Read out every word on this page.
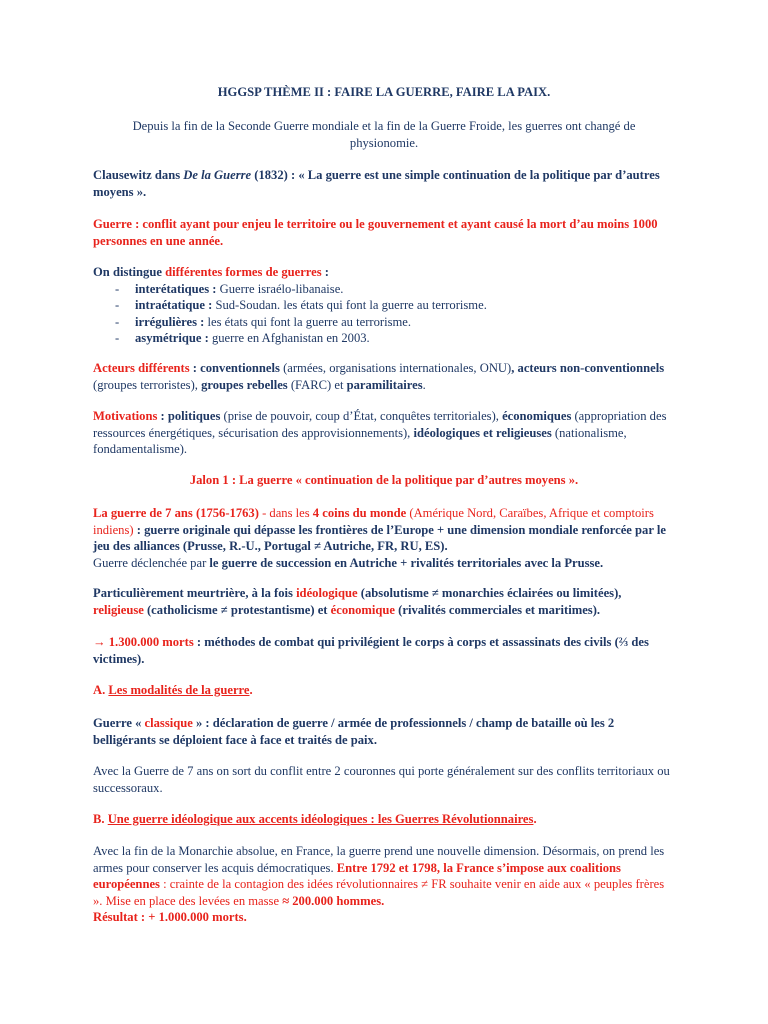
HGGSP THÈME II : FAIRE LA GUERRE, FAIRE LA PAIX.

Depuis la fin de la Seconde Guerre mondiale et la fin de la Guerre Froide, les guerres ont changé de physionomie.

Clausewitz dans De la Guerre (1832) : « La guerre est une simple continuation de la politique par d’autres moyens ».

Guerre : conflit ayant pour enjeu le territoire ou le gouvernement et ayant causé la mort d’au moins 1000 personnes en une année.

On distingue différentes formes de guerres :
- interétatiques : Guerre israélo-libanaise.
- intraétatique : Sud-Soudan. les états qui font la guerre au terrorisme.
- irrégulières : les états qui font la guerre au terrorisme.
- asymétrique : guerre en Afghanistan en 2003.

Acteurs différents : conventionnels (armées, organisations internationales, ONU), acteurs non-conventionnels (groupes terroristes), groupes rebelles (FARC) et paramilitaires.

Motivations : politiques (prise de pouvoir, coup d’État, conquêtes territoriales), économiques (appropriation des ressources énergétiques, sécurisation des approvisionnements), idéologiques et religieuses (nationalisme, fondamentalisme).

Jalon 1 : La guerre « continuation de la politique par d’autres moyens ».

La guerre de 7 ans (1756-1763) - dans les 4 coins du monde (Amérique Nord, Caraïbes, Afrique et comptoirs indiens) : guerre originale qui dépasse les frontières de l’Europe + une dimension mondiale renforcée par le jeu des alliances (Prusse, R.-U., Portugal ≠ Autriche, FR, RU, ES).
Guerre déclenchée par le guerre de succession en Autriche + rivalités territoriales avec la Prusse.

Particulièrement meurtrière, à la fois idéologique (absolutisme ≠ monarchies éclairées ou limitées), religieuse (catholicisme ≠ protestantisme) et économique (rivalités commerciales et maritimes).

→ 1.300.000 morts : méthodes de combat qui privilégient le corps à corps et assassinats des civils (⅔ des victimes).

A. Les modalités de la guerre.

Guerre « classique » : déclaration de guerre / armée de professionnels / champ de bataille où les 2 belligérants se déploient face à face et traités de paix.

Avec la Guerre de 7 ans on sort du conflit entre 2 couronnes qui porte généralement sur des conflits territoriaux ou successoraux.

B. Une guerre idéologique aux accents idéologiques : les Guerres Révolutionnaires.

Avec la fin de la Monarchie absolue, en France, la guerre prend une nouvelle dimension. Désormais, on prend les armes pour conserver les acquis démocratiques. Entre 1792 et 1798, la France s’impose aux coalitions européennes : crainte de la contagion des idées révolutionnaires ≠ FR souhaite venir en aide aux « peuples frères ». Mise en place des levées en masse ≈ 200.000 hommes.
Résultat : + 1.000.000 morts.
